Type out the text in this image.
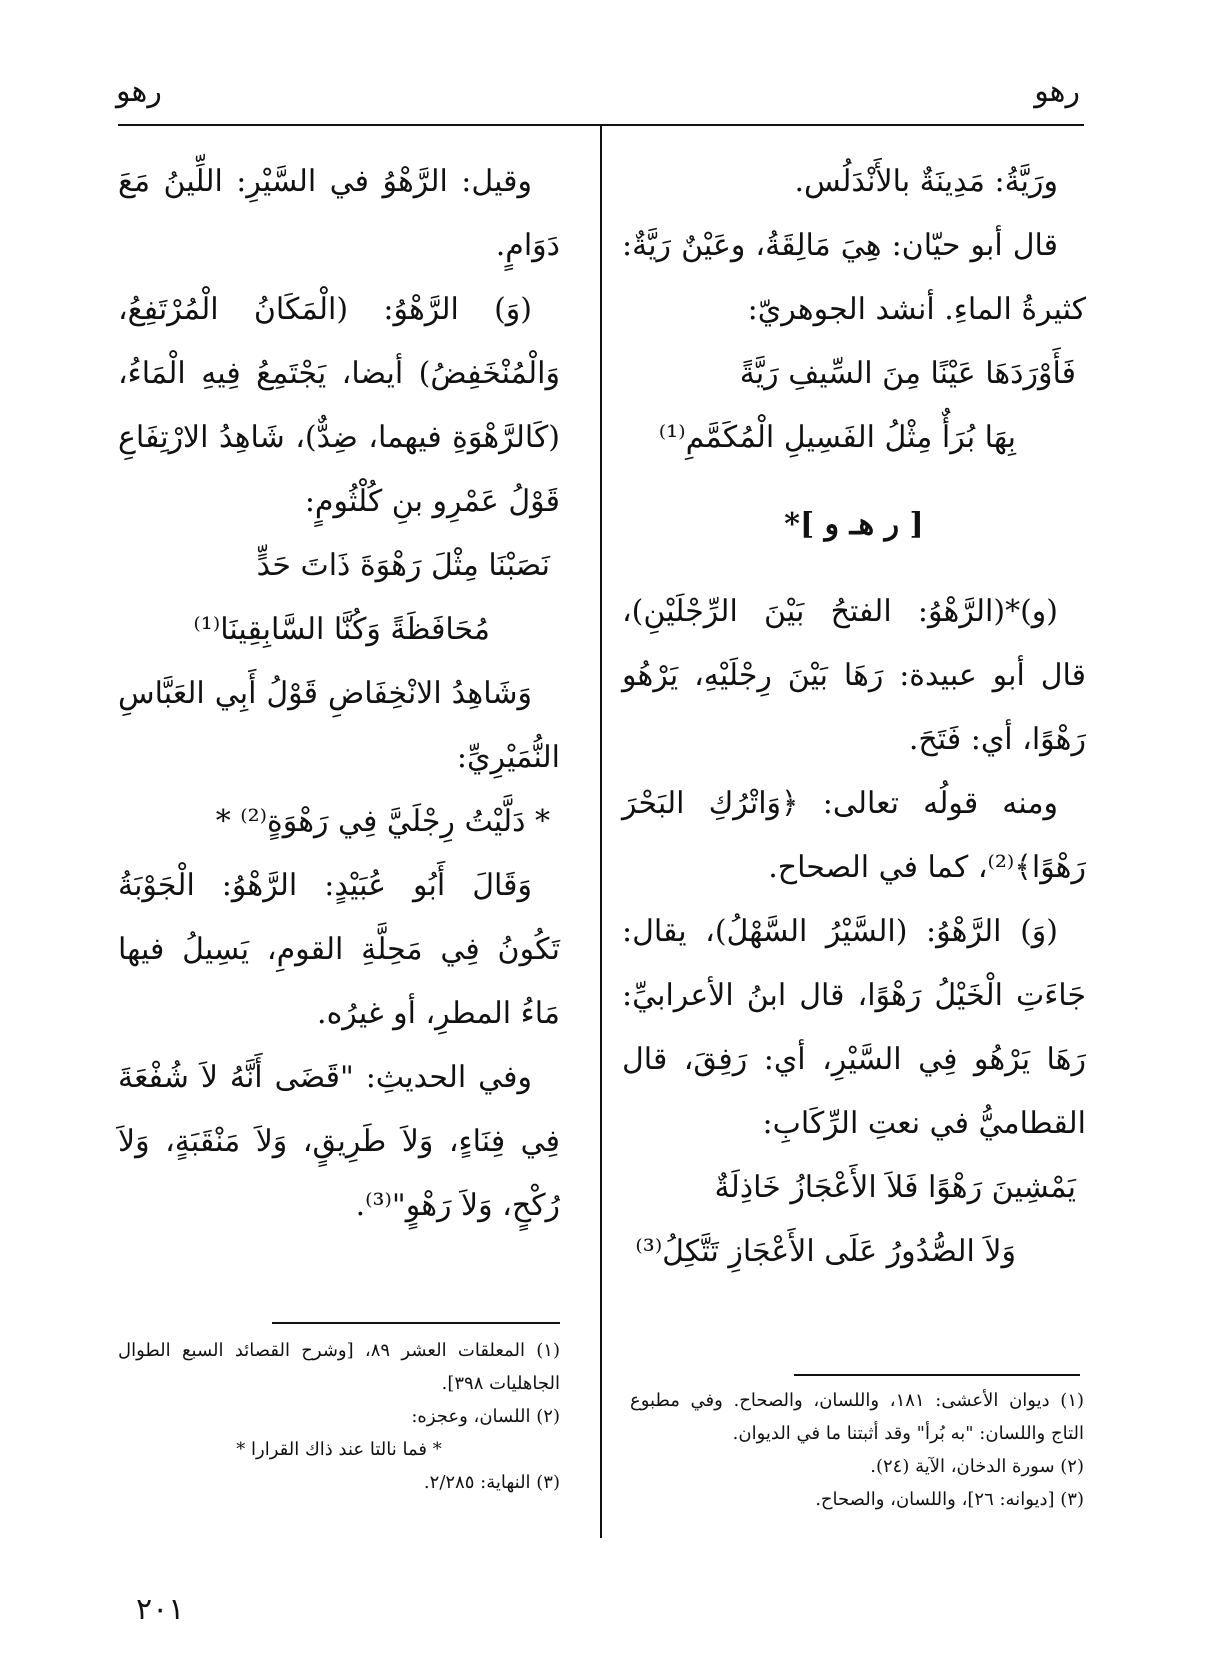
رهو
رهو

ورَيَّةُ: مَدِينَةٌ بالأَنْدَلُس.

قال أبو حيّان: هِيَ مَالِقَةُ، وعَيْنٌ رَيَّةٌ: كثيرةُ الماءِ. أنشد الجوهريّ:

فَأَوْرَدَهَا عَيْنًا مِنَ السِّيفِ رَيَّةً

بِهَا بُرَأٌ مِثْلُ الفَسِيلِ الْمُكَمَّمِ⁽¹⁾

[ ر هـ و ]*

(و)*(الرَّهْوُ: الفتحُ بَيْنَ الرِّجْلَيْنِ)، قال أبو عبيدة: رَهَا بَيْنَ رِجْلَيْهِ، يَرْهُو رَهْوًا، أي: فَتَحَ.

ومنه قولُه تعالى: ﴿وَاتْرُكِ البَحْرَ رَهْوًا﴾⁽²⁾، كما في الصحاح.

(وَ) الرَّهْوُ: (السَّيْرُ السَّهْلُ)، يقال: جَاءَتِ الْخَيْلُ رَهْوًا، قال ابنُ الأعرابيِّ: رَهَا يَرْهُو فِي السَّيْرِ، أي: رَفِقَ، قال القطاميُّ في نعتِ الرِّكَابِ:

يَمْشِينَ رَهْوًا فَلاَ الأَعْجَازُ خَاذِلَةٌ

وَلاَ الصُّدُورُ عَلَى الأَعْجَازِ تَتَّكِلُ⁽³⁾

وقيل: الرَّهْوُ في السَّيْرِ: اللِّينُ مَعَ دَوَامٍ.

(وَ) الرَّهْوُ: (الْمَكَانُ الْمُرْتَفِعُ، وَالْمُنْخَفِضُ) أيضا، يَجْتَمِعُ فِيهِ الْمَاءُ، (كَالرَّهْوَةِ فيهما، ضِدٌّ)، شَاهِدُ الارْتِفَاعِ قَوْلُ عَمْرِو بنِ كُلْثُومٍ:

نَصَبْنَا مِثْلَ رَهْوَةَ ذَاتَ حَدٍّ

مُحَافَظَةً وَكُنَّا السَّابِقِينَا⁽¹⁾

وَشَاهِدُ الانْخِفَاضِ قَوْلُ أَبِي العَبَّاسِ النُّمَيْرِيِّ:

* دَلَّيْتُ رِجْلَيَّ فِي رَهْوَةٍ⁽²⁾ *

وَقَالَ أَبُو عُبَيْدٍ: الرَّهْوُ: الْجَوْبَةُ تَكُونُ فِي مَحِلَّةِ القومِ، يَسِيلُ فيها مَاءُ المطرِ، أو غيرُه.

وفي الحديثِ: "قَضَى أَنَّهُ لاَ شُفْعَةَ فِي فِنَاءٍ، وَلاَ طَرِيقٍ، وَلاَ مَنْقَبَةٍ، وَلاَ رُكْحٍ، وَلاَ رَهْوٍ"⁽³⁾.

(١) ديوان الأعشى: ١٨١، واللسان، والصحاح. وفي مطبوع التاج واللسان: "به بُرأ" وقد أثبتنا ما في الديوان.

(٢) سورة الدخان، الآية (٢٤).

(٣) [ديوانه: ٢٦]، واللسان، والصحاح.

(١) المعلقات العشر ٨٩، [وشرح القصائد السبع الطوال الجاهليات ٣٩٨].

(٢) اللسان، وعجزه:

* فما نالتا عند ذاك القرارا *

(٣) النهاية: ٢/٢٨٥.

٢٠١
